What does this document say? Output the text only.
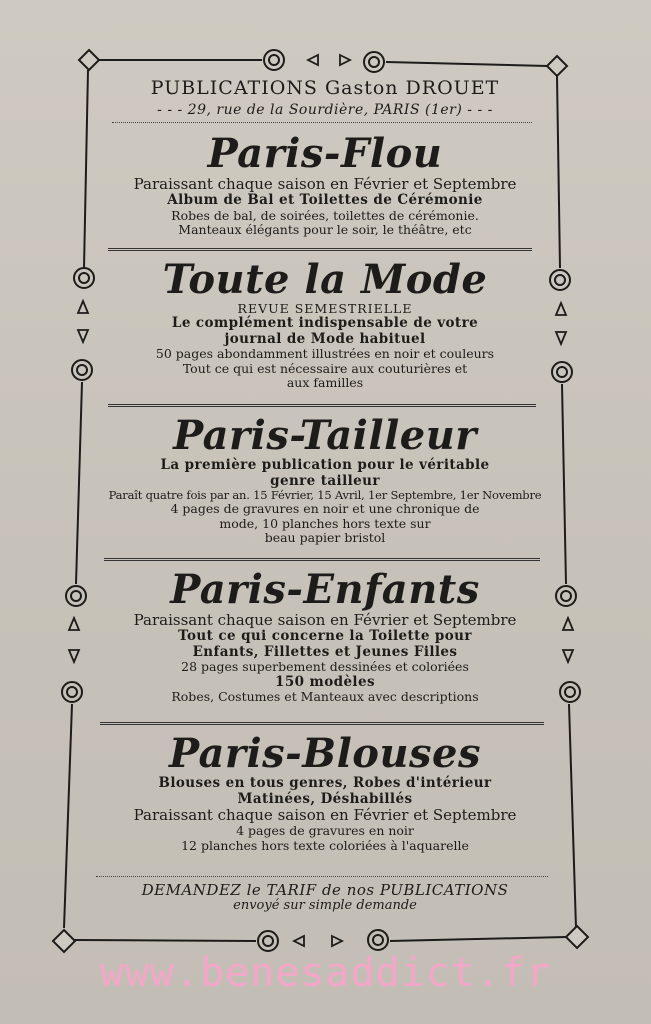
PUBLICATIONS Gaston DROUET
- - - 29, rue de la Sourdière, PARIS (1er) - - -
Paris-Flou
Paraissant chaque saison en Février et Septembre
Album de Bal et Toilettes de Cérémonie
Robes de bal, de soirées, toilettes de cérémonie.
Manteaux élégants pour le soir, le théâtre, etc
Toute la Mode
REVUE SEMESTRIELLE
Le complément indispensable de votre
journal de Mode habituel
50 pages abondamment illustrées en noir et couleurs
Tout ce qui est nécessaire aux couturières et
aux familles
Paris-Tailleur
La première publication pour le véritable
genre tailleur
Paraît quatre fois par an. 15 Février, 15 Avril, 1er Septembre, 1er Novembre
4 pages de gravures en noir et une chronique de
mode, 10 planches hors texte sur
beau papier bristol
Paris-Enfants
Paraissant chaque saison en Février et Septembre
Tout ce qui concerne la Toilette pour
Enfants, Fillettes et Jeunes Filles
28 pages superbement dessinées et coloriées
150 modèles
Robes, Costumes et Manteaux avec descriptions
Paris-Blouses
Blouses en tous genres, Robes d'intérieur
Matinées, Déshabillés
Paraissant chaque saison en Février et Septembre
4 pages de gravures en noir
12 planches hors texte coloriées à l'aquarelle
DEMANDEZ le TARIF de nos PUBLICATIONS
envoyé sur simple demande
www.benesaddict.fr
